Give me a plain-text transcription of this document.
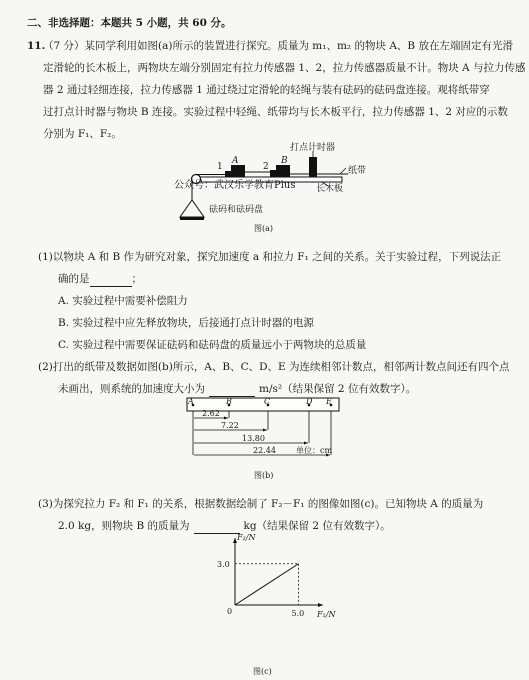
二、非选择题：本题共 5 小题，共 60 分。
11.
（7 分）某同学利用如图(a)所示的装置进行探究。质量为 m₁、m₂ 的物块 A、B 放在左端固定有光滑
定滑轮的长木板上，两物块左端分别固定有拉力传感器 1、2，拉力传感器质量不计。物块 A 与拉力传感
器 2 通过轻细连接，拉力传感器 1 通过绕过定滑轮的轻绳与装有砝码的砝码盘连接。观将纸带穿
过打点计时器与物块 B 连接。实验过程中轻绳、纸带均与长木板平行，拉力传感器 1、2 对应的示数
分别为 F₁、F₂。
打点计时器
纸带
长木板
A	B
1	2
砝码和砝码盘
公众号：武汉乐学教育Plus
图(a)
(1)以物块 A 和 B 作为研究对象，探究加速度 a 和拉力 F₁ 之间的关系。关于实验过程，下列说法正
确的是	；
A. 实验过程中需要补偿阻力
B. 实验过程中应先释放物块，后接通打点计时器的电源
C. 实验过程中需要保证砝码和砝码盘的质量远小于两物块的总质量
(2)打出的纸带及数据如图(b)所示，A、B、C、D、E 为连续相邻计数点，相邻两计数点间还有四个点
未画出，则系统的加速度大小为	m/s²（结果保留 2 位有效数字）。
A	B	C	D E
2.62
7.22
13.80
22.44	单位：cm
图(b)
(3)为探究拉力 F₂ 和 F₁ 的关系，根据数据绘制了 F₂－F₁ 的图像如图(c)。已知物块 A 的质量为
2.0 kg，则物块 B 的质量为	kg（结果保留 2 位有效数字）。
F₂/N
F₁/N
0
3.0
5.0
图(c)
